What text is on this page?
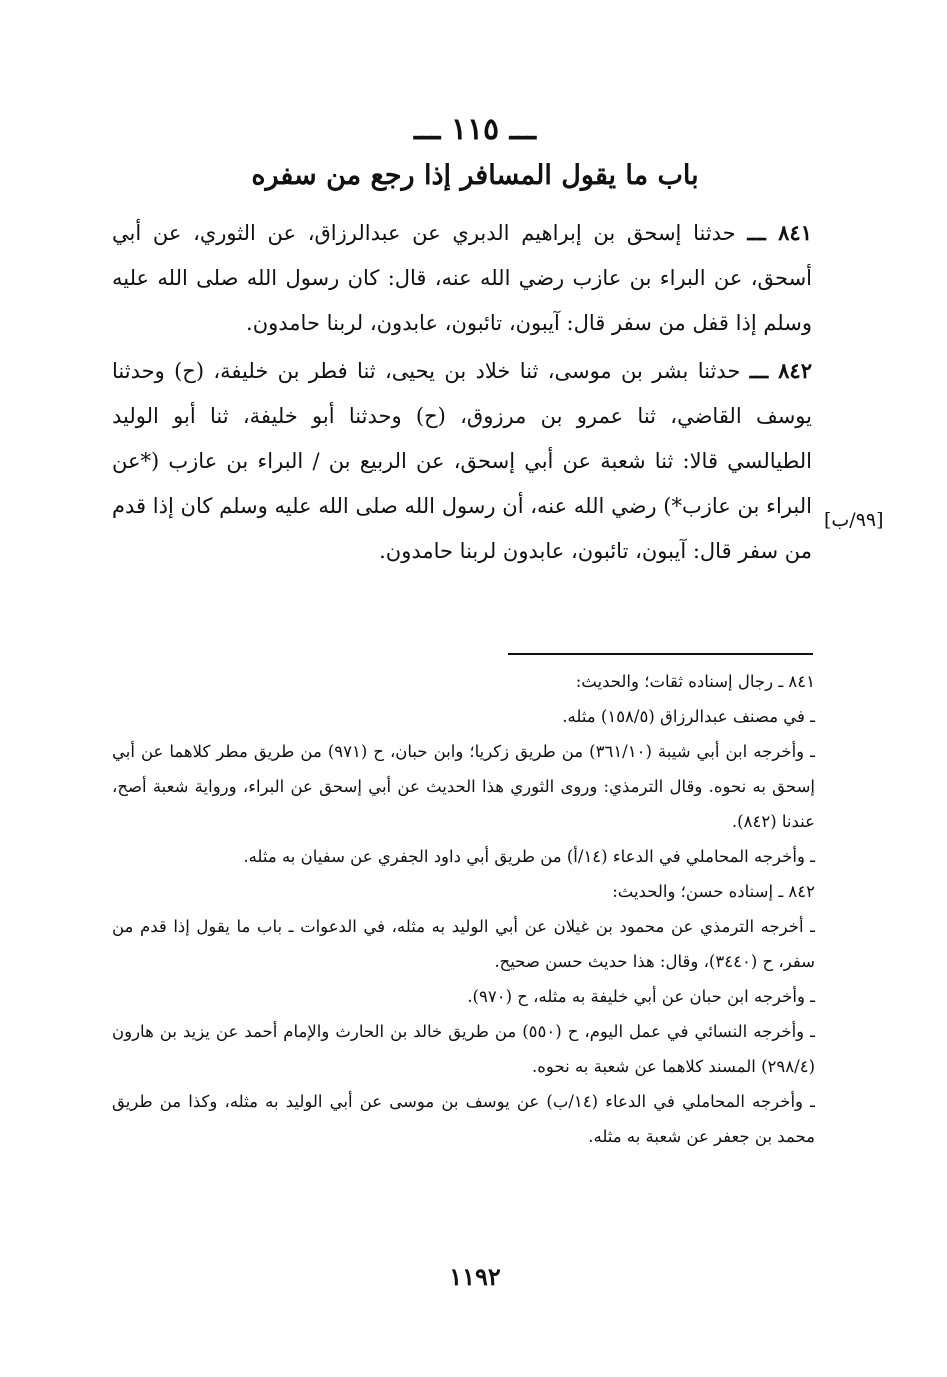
ـــ ١١٥ ـــ
باب ما يقول المسافر إذا رجع من سفره

٨٤١ ـــ حدثنا إسحق بن إبراهيم الدبري عن عبدالرزاق، عن الثوري، عن أبي أسحق، عن البراء بن عازب رضي الله عنه، قال: كان رسول الله صلى الله عليه وسلم إذا قفل من سفر قال: آيبون، تائبون، عابدون، لربنا حامدون.

٨٤٢ ـــ حدثنا بشر بن موسى، ثنا خلاد بن يحيى، ثنا فطر بن خليفة، (ح) وحدثنا يوسف القاضي، ثنا عمرو بن مرزوق، (ح) وحدثنا أبو خليفة، ثنا أبو الوليد الطيالسي قالا: ثنا شعبة عن أبي إسحق، عن الربيع بن / البراء بن عازب (*عن البراء بن عازب*) رضي الله عنه، أن رسول الله صلى الله عليه وسلم كان إذا قدم من سفر قال: آيبون، تائبون، عابدون لربنا حامدون.

[٩٩/ب]

٨٤١ ـ رجال إسناده ثقات؛ والحديث:

ـ في مصنف عبدالرزاق (١٥٨/٥) مثله.

ـ وأخرجه ابن أبي شيبة (٣٦١/١٠) من طريق زكريا؛ وابن حبان، ح (٩٧١) من طريق مطر كلاهما عن أبي إسحق به نحوه. وقال الترمذي: وروى الثوري هذا الحديث عن أبي إسحق عن البراء، ورواية شعبة أصح، عندنا (٨٤٢).

ـ وأخرجه المحاملي في الدعاء (١٤/أ) من طريق أبي داود الجفري عن سفيان به مثله.

٨٤٢ ـ إسناده حسن؛ والحديث:

ـ أخرجه الترمذي عن محمود بن غيلان عن أبي الوليد به مثله، في الدعوات ـ باب ما يقول إذا قدم من سفر، ح (٣٤٤٠)، وقال: هذا حديث حسن صحيح.

ـ وأخرجه ابن حبان عن أبي خليفة به مثله، ح (٩٧٠).

ـ وأخرجه النسائي في عمل اليوم، ح (٥٥٠) من طريق خالد بن الحارث والإمام أحمد عن يزيد بن هارون (٢٩٨/٤) المسند كلاهما عن شعبة به نحوه.

ـ وأخرجه المحاملي في الدعاء (١٤/ب) عن يوسف بن موسى عن أبي الوليد به مثله، وكذا من طريق محمد بن جعفر عن شعبة به مثله.

١١٩٢
